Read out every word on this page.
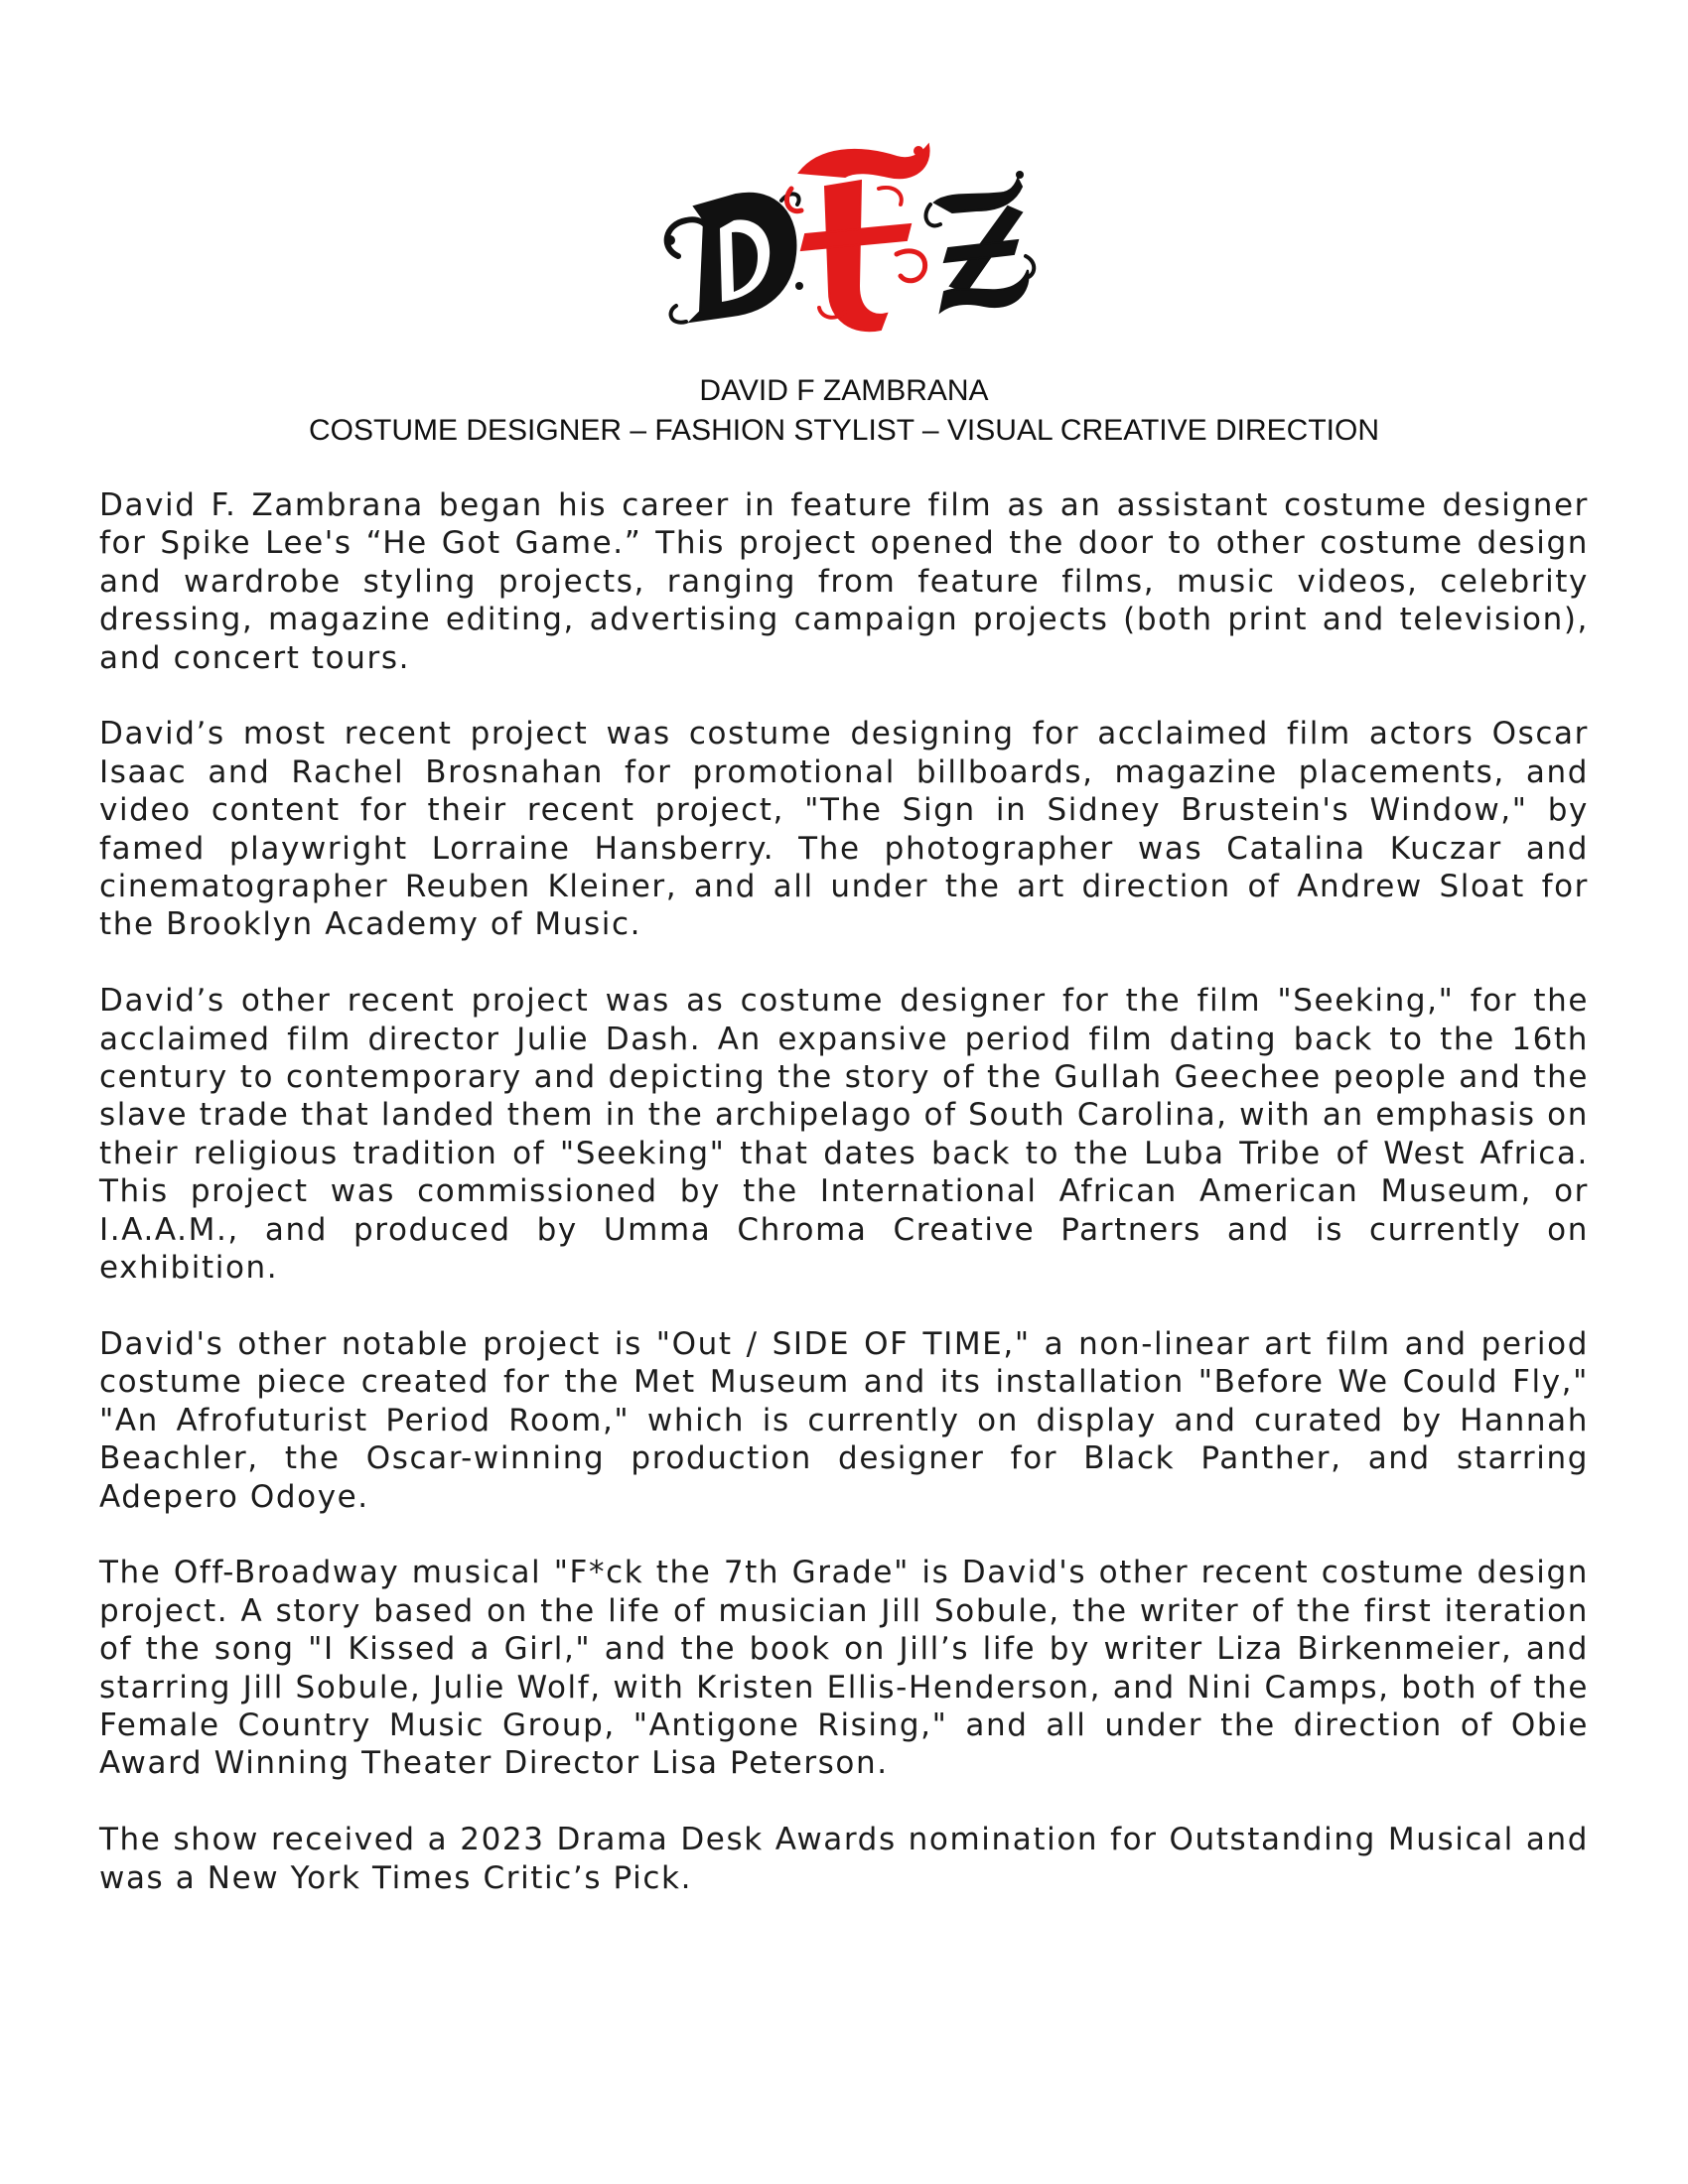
DAVID F ZAMBRANA
COSTUME DESIGNER – FASHION STYLIST – VISUAL CREATIVE DIRECTION

David F. Zambrana began his career in feature film as an assistant costume designer for Spike Lee's “He Got Game.” This project opened the door to other costume design and wardrobe styling projects, ranging from feature films, music videos, celebrity dressing, magazine editing, advertising campaign projects (both print and television), and concert tours.

David’s most recent project was costume designing for acclaimed film actors Oscar Isaac and Rachel Brosnahan for promotional billboards, magazine placements, and video content for their recent project, "The Sign in Sidney Brustein's Window," by famed playwright Lorraine Hansberry. The photographer was Catalina Kuczar and cinematographer Reuben Kleiner, and all under the art direction of Andrew Sloat for the Brooklyn Academy of Music.

David’s other recent project was as costume designer for the film "Seeking," for the acclaimed film director Julie Dash. An expansive period film dating back to the 16th century to contemporary and depicting the story of the Gullah Geechee people and the slave trade that landed them in the archipelago of South Carolina, with an emphasis on their religious tradition of "Seeking" that dates back to the Luba Tribe of West Africa. This project was commissioned by the International African American Museum, or I.A.A.M., and produced by Umma Chroma Creative Partners and is currently on exhibition.

David's other notable project is "Out / SIDE OF TIME," a non-linear art film and period costume piece created for the Met Museum and its installation "Before We Could Fly," "An Afrofuturist Period Room," which is currently on display and curated by Hannah Beachler, the Oscar-winning production designer for Black Panther, and starring Adepero Odoye.

The Off-Broadway musical "F*ck the 7th Grade" is David's other recent costume design project. A story based on the life of musician Jill Sobule, the writer of the first iteration of the song "I Kissed a Girl," and the book on Jill’s life by writer Liza Birkenmeier, and starring Jill Sobule, Julie Wolf, with Kristen Ellis-Henderson, and Nini Camps, both of the Female Country Music Group, "Antigone Rising," and all under the direction of Obie Award Winning Theater Director Lisa Peterson.

The show received a 2023 Drama Desk Awards nomination for Outstanding Musical and was a New York Times Critic’s Pick.
